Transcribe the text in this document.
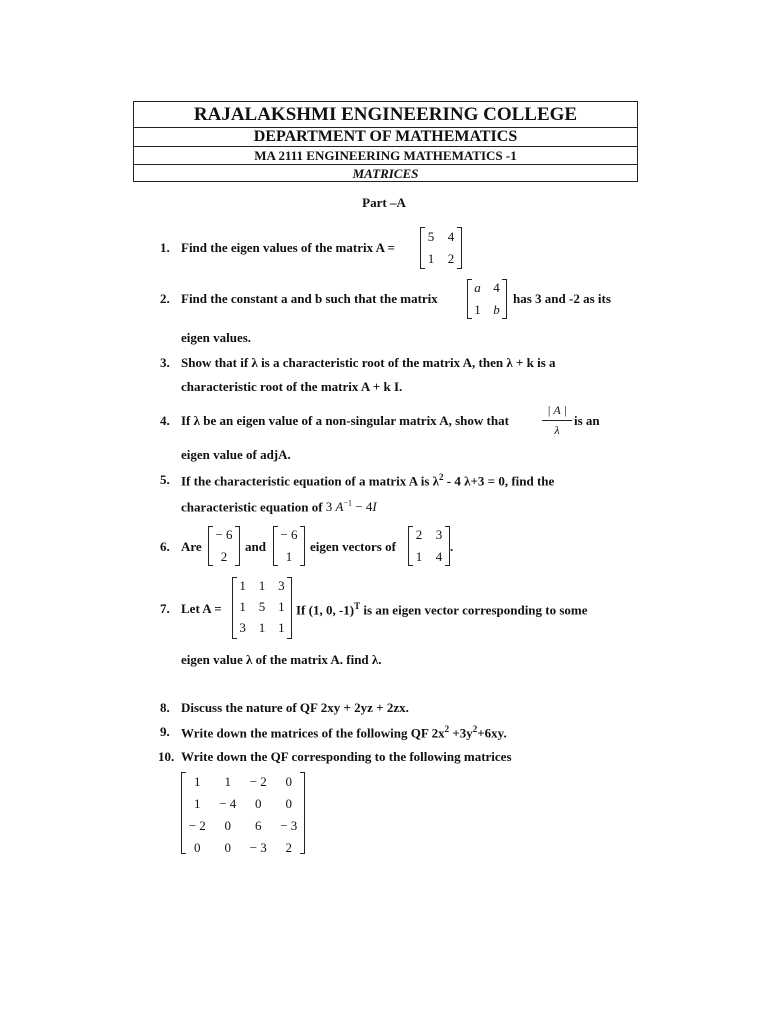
RAJALAKSHMI ENGINEERING COLLEGE
DEPARTMENT OF MATHEMATICS
MA 2111 ENGINEERING MATHEMATICS -1
MATRICES
Part –A
1. Find the eigen values of the matrix A =
5 4
1 2
2. Find the constant a and b such that the matrix
a 4
1 b
has 3 and -2 as its
eigen values.
3. Show that if λ is a characteristic root of the matrix A, then λ + k is a
characteristic root of the matrix A + k I.
4. If λ be an eigen value of a non-singular matrix A, show that	$\frac{| A |}{\lambda}$ is an
eigen value of adjA.
5. If the characteristic equation of a matrix A is $\lambda^2 - 4$ λ+3 = 0, find the
characteristic equation of 3 $A^{-1} - 4I$
6. Are
− 6
2
and
− 6
1
eigen vectors of
2 3
1 4
.
7. Let A =
1 1 3
1 5 1
3 1 1
If (1, 0, -1)$^T$ is an eigen vector corresponding to some
eigen value λ of the matrix A. find λ.
8. Discuss the nature of QF 2xy + 2yz + 2zx.
9. Write down the matrices of the following QF $2x^2 +3y^2+6xy$.
10. Write down the QF corresponding to the following matrices
1	1	− 2	0
1	− 4	0	0
− 2	0	6	− 3
0	0	− 3	2
